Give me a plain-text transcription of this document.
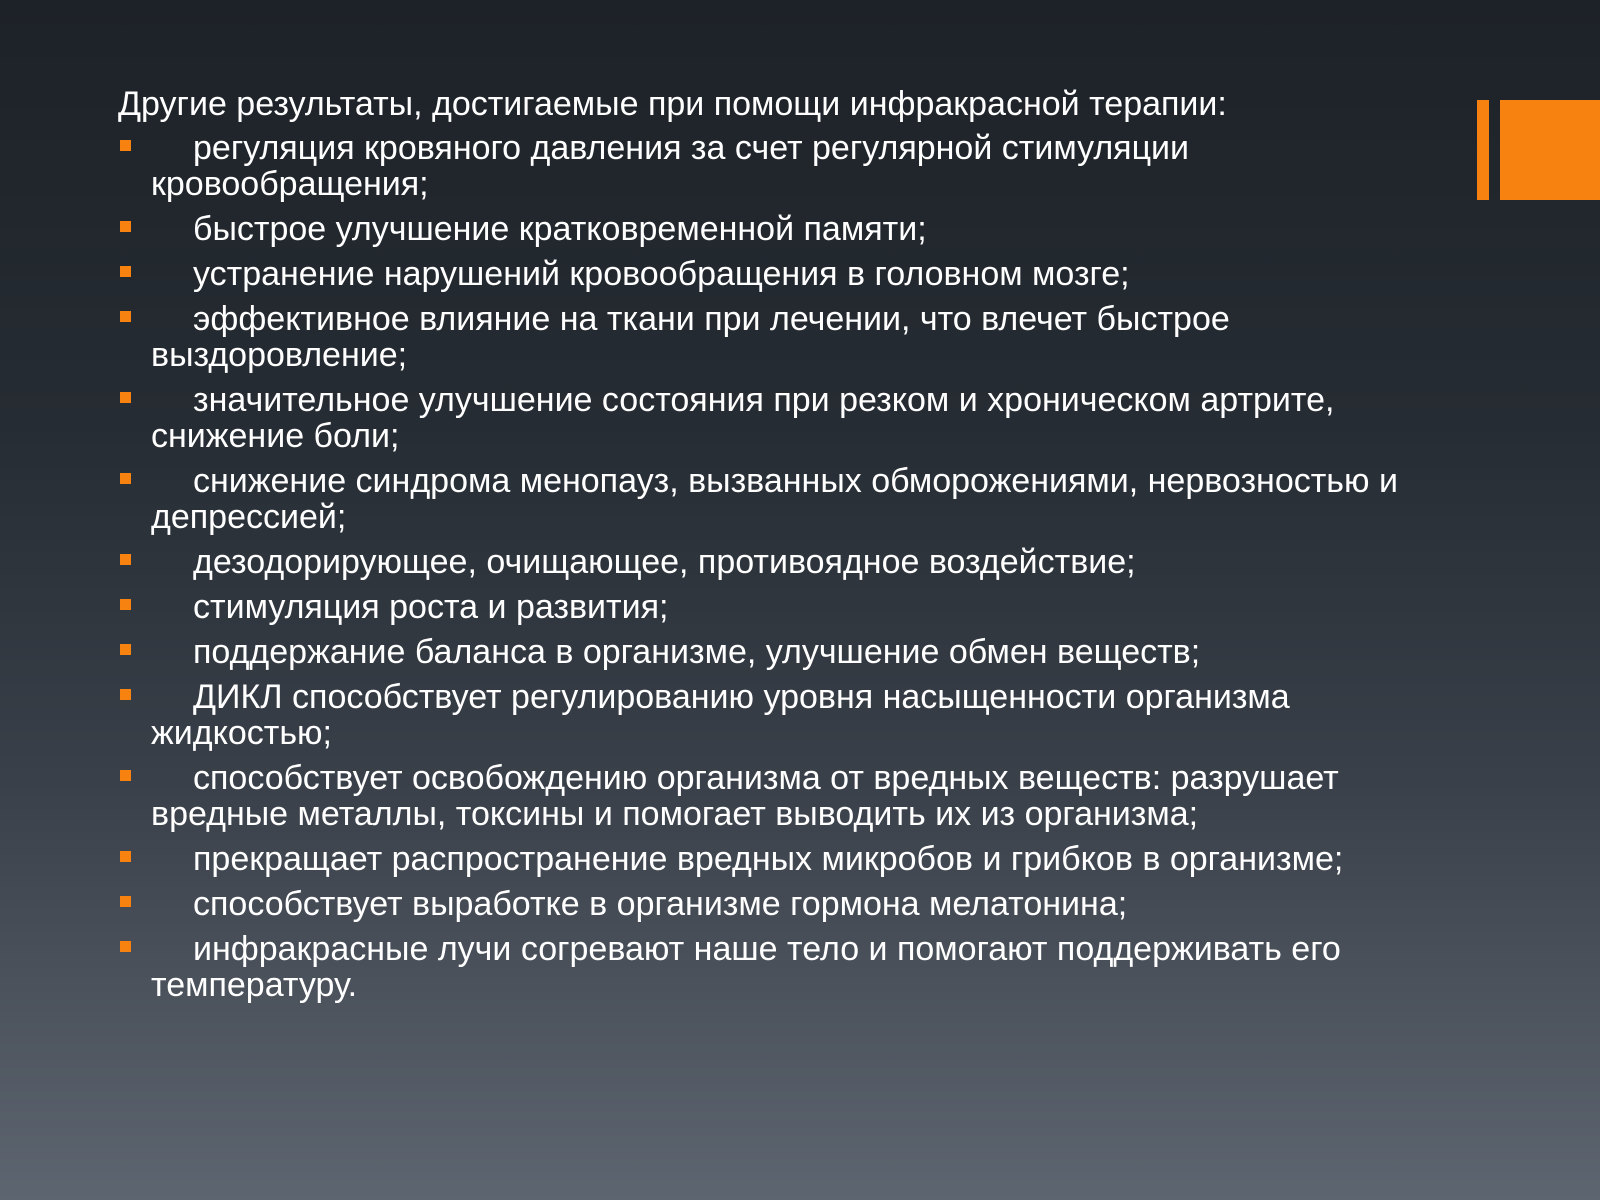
Другие результаты, достигаемые при помощи инфракрасной терапии:
регуляция кровяного давления за счет регулярной стимуляции кровообращения;
быстрое улучшение кратковременной памяти;
устранение нарушений кровообращения в головном мозге;
эффективное влияние на ткани при лечении, что влечет быстрое выздоровление;
значительное улучшение состояния при резком и хроническом артрите, снижение боли;
снижение синдрома менопауз, вызванных обморожениями, нервозностью и депрессией;
дезодорирующее, очищающее, противоядное воздействие;
стимуляция роста и развития;
поддержание баланса в организме, улучшение обмен веществ;
ДИКЛ способствует регулированию уровня насыщенности организма жидкостью;
способствует освобождению организма от вредных веществ: разрушает вредные металлы, токсины и помогает выводить их из организма;
прекращает распространение вредных микробов и грибков в организме;
способствует выработке в организме гормона мелатонина;
инфракрасные лучи согревают наше тело и помогают поддерживать его температуру.
